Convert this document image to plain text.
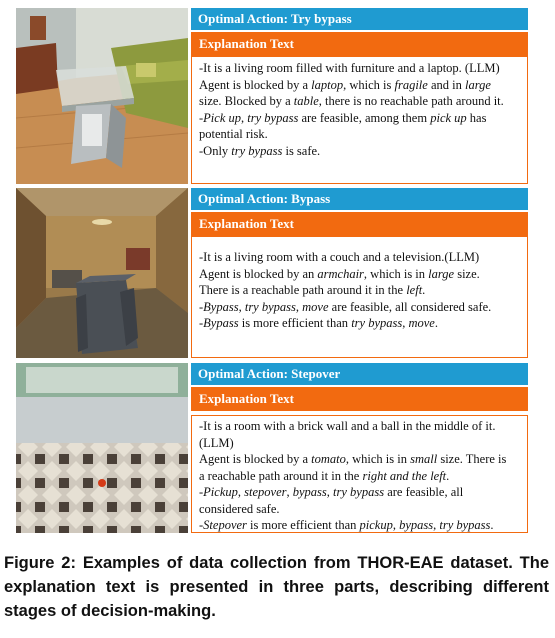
Optimal Action: Try bypass
Explanation Text

-It is a living room filled with furniture and a laptop. (LLM)

Agent is blocked by a laptop, which is fragile and in large

size. Blocked by a table, there is no reachable path around it.

-Pick up, try bypass are feasible, among them pick up has

potential risk.

-Only try bypass is safe.

Optimal Action: Bypass
Explanation Text

-It is a living room with a couch and a television.(LLM)

Agent is blocked by an armchair, which is in large size.

There is a reachable path around it in the left.

-Bypass, try bypass, move are feasible, all considered safe.

-Bypass is more efficient than try bypass, move.

Optimal Action: Stepover
Explanation Text

-It is a room with a brick wall and a ball in the middle of it.

(LLM)

Agent is blocked by a tomato, which is in small size. There is

a reachable path around it in the right and the left.

-Pickup, stepover, bypass, try bypass are feasible, all

considered safe.

-Stepover is more efficient than pickup, bypass, try bypass.

Figure 2: Examples of data collection from THOR-EAE dataset. The explanation text is presented in three parts, describing different stages of decision-making.
